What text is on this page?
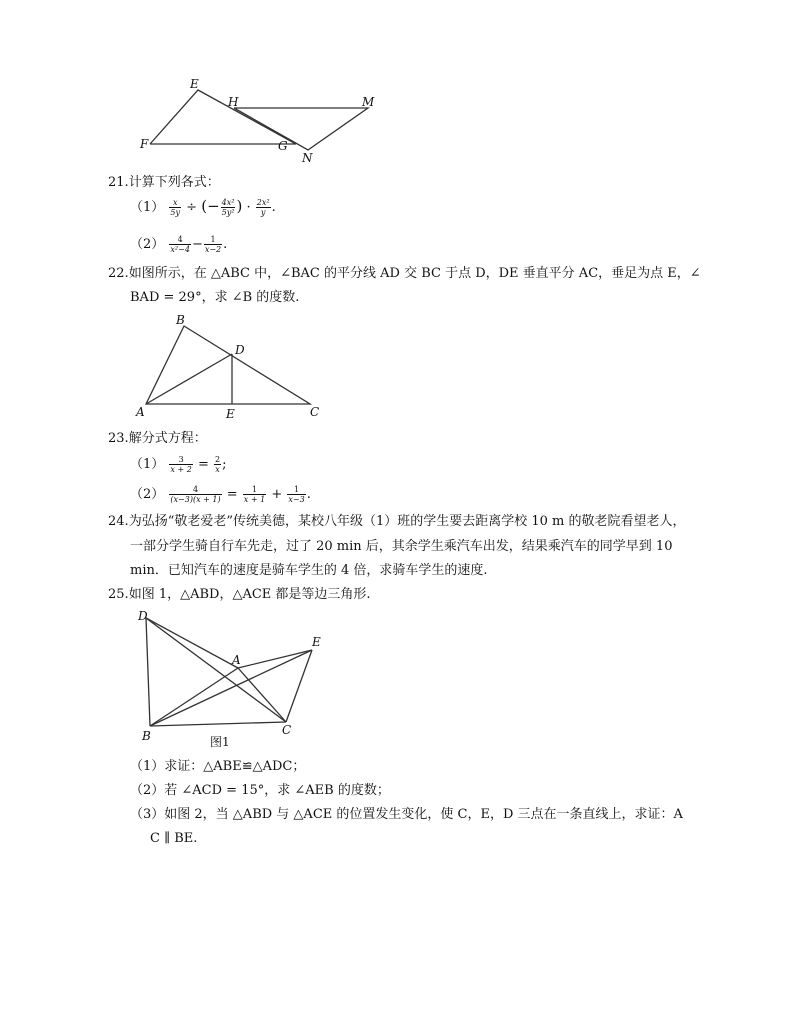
E
H	M
F	G
N
21.计算下列各式：
$(1) \frac{x}{5y}$ ÷ (− $\frac{\text{4x²}}{\text{5y²}}$ ) · $\frac{\text{2x²}}{y}$ .
$(2) \frac{4}{\text{x²−4}} - \frac{1}{x-2}$ .
22.如图所示，在 △ABC 中，∠BAC 的平分线 AD 交 BC 于点 D，DE 垂直平分 AC，垂足为点 E，∠
BAD = 29°，求 ∠B 的度数.
B
D
A	E	C
23.解分式方程：
$(1) \frac{3}{x + 2} = \frac{2}{x}$ ;
$(2) \frac{4}{(x-3)(x + 1)} = \frac{1}{x + 1} + \frac{1}{x-3}$ .
24.为弘扬“敬老爱老”传统美德，某校八年级（1）班的学生要去距离学校 10 m 的敬老院看望老人，
一部分学生骑自行车先走，过了 20 min 后，其余学生乘汽车出发，结果乘汽车的同学早到 10
min．已知汽车的速度是骑车学生的 4 倍，求骑车学生的速度.
25.如图 1，△ABD，△ACE 都是等边三角形.
D
A
E
B	C
图1
（1）求证：△ABE≌△ADC；
（2）若 ∠ACD = 15°，求 ∠AEB 的度数；
（3）如图 2，当 △ABD 与 △ACE 的位置发生变化，使 C，E，D 三点在一条直线上，求证：A
C ∥ BE.
